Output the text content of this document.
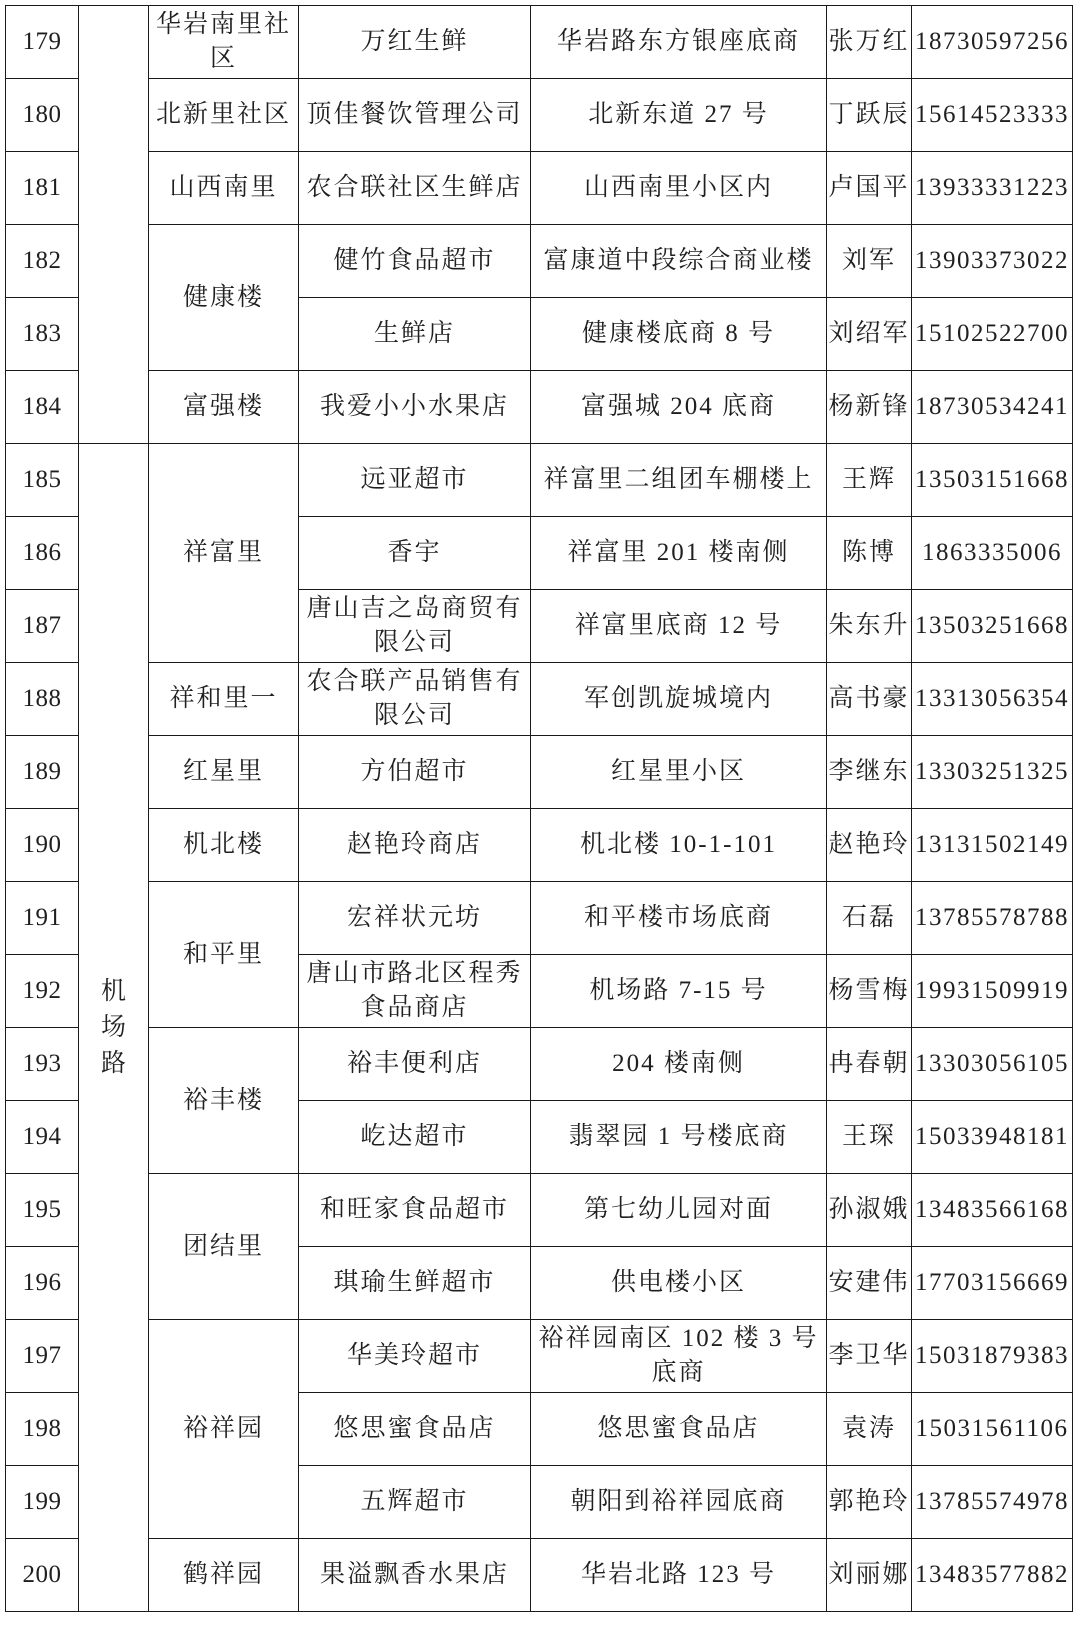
179		华岩南里社区	万红生鲜	华岩路东方银座底商	张万红	18730597256
180		北新里社区	顶佳餐饮管理公司	北新东道 27 号	丁跃辰	15614523333
181		山西南里	农合联社区生鲜店	山西南里小区内	卢国平	13933331223
182		健康楼	健竹食品超市	富康道中段综合商业楼	刘军	13903373022
183			生鲜店	健康楼底商 8 号	刘绍军	15102522700
184		富强楼	我爱小小水果店	富强城 204 底商	杨新锋	18730534241
185	机场路	祥富里	远亚超市	祥富里二组团车棚楼上	王辉	13503151668
186			香宇	祥富里 201 楼南侧	陈博	1863335006
187			唐山吉之岛商贸有限公司	祥富里底商 12 号	朱东升	13503251668
188		祥和里一	农合联产品销售有限公司	军创凯旋城境内	高书豪	13313056354
189		红星里	方伯超市	红星里小区	李继东	13303251325
190		机北楼	赵艳玲商店	机北楼 10-1-101	赵艳玲	13131502149
191		和平里	宏祥状元坊	和平楼市场底商	石磊	13785578788
192			唐山市路北区程秀食品商店	机场路 7-15 号	杨雪梅	19931509919
193		裕丰楼	裕丰便利店	204 楼南侧	冉春朝	13303056105
194			屹达超市	翡翠园 1 号楼底商	王琛	15033948181
195		团结里	和旺家食品超市	第七幼儿园对面	孙淑娥	13483566168
196			琪瑜生鲜超市	供电楼小区	安建伟	17703156669
197		裕祥园	华美玲超市	裕祥园南区 102 楼 3 号底商	李卫华	15031879383
198			悠思蜜食品店	悠思蜜食品店	袁涛	15031561106
199			五辉超市	朝阳到裕祥园底商	郭艳玲	13785574978
200		鹤祥园	果溢飘香水果店	华岩北路 123 号	刘丽娜	13483577882
